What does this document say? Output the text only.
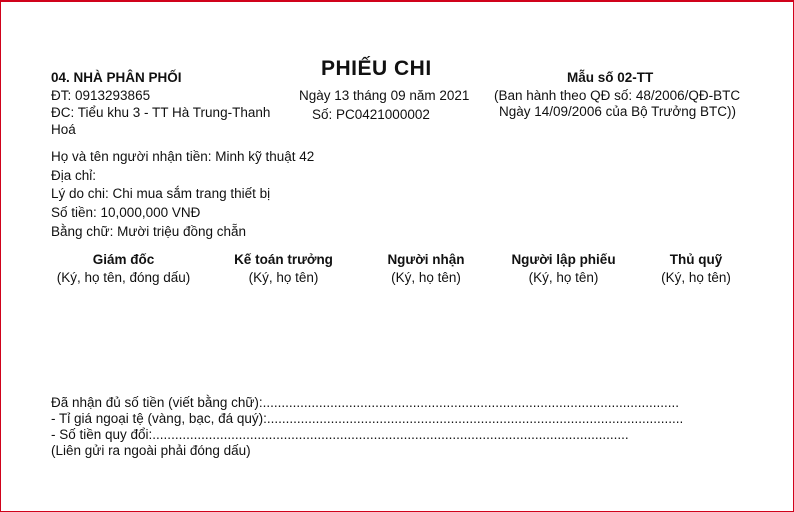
04. NHÀ PHÂN PHỐI
ĐT: 0913293865
ĐC: Tiểu khu 3 - TT Hà Trung-Thanh Hoá
PHIẾU CHI
Ngày 13 tháng 09 năm 2021
Số: PC0421000002
Mẫu số 02-TT
(Ban hành theo QĐ số: 48/2006/QĐ-BTC
Ngày 14/09/2006 của Bộ Trưởng BTC))
Họ và tên người nhận tiền: Minh kỹ thuật 42
Địa chỉ:
Lý do chi: Chi mua sắm trang thiết bị
Số tiền: 10,000,000 VNĐ
Bằng chữ: Mười triệu đồng chẵn
Giám đốc
(Ký, họ tên, đóng dấu)
Kế toán trưởng
(Ký, họ tên)
Người nhận
(Ký, họ tên)
Người lập phiếu
(Ký, họ tên)
Thủ quỹ
(Ký, họ tên)
Đã nhận đủ số tiền (viết bằng chữ):...............................................................................................................
- Tỉ giá ngoại tệ (vàng, bạc, đá quý):...............................................................................................................
- Số tiền quy đổi:...............................................................................................................................
(Liên gửi ra ngoài phải đóng dấu)
